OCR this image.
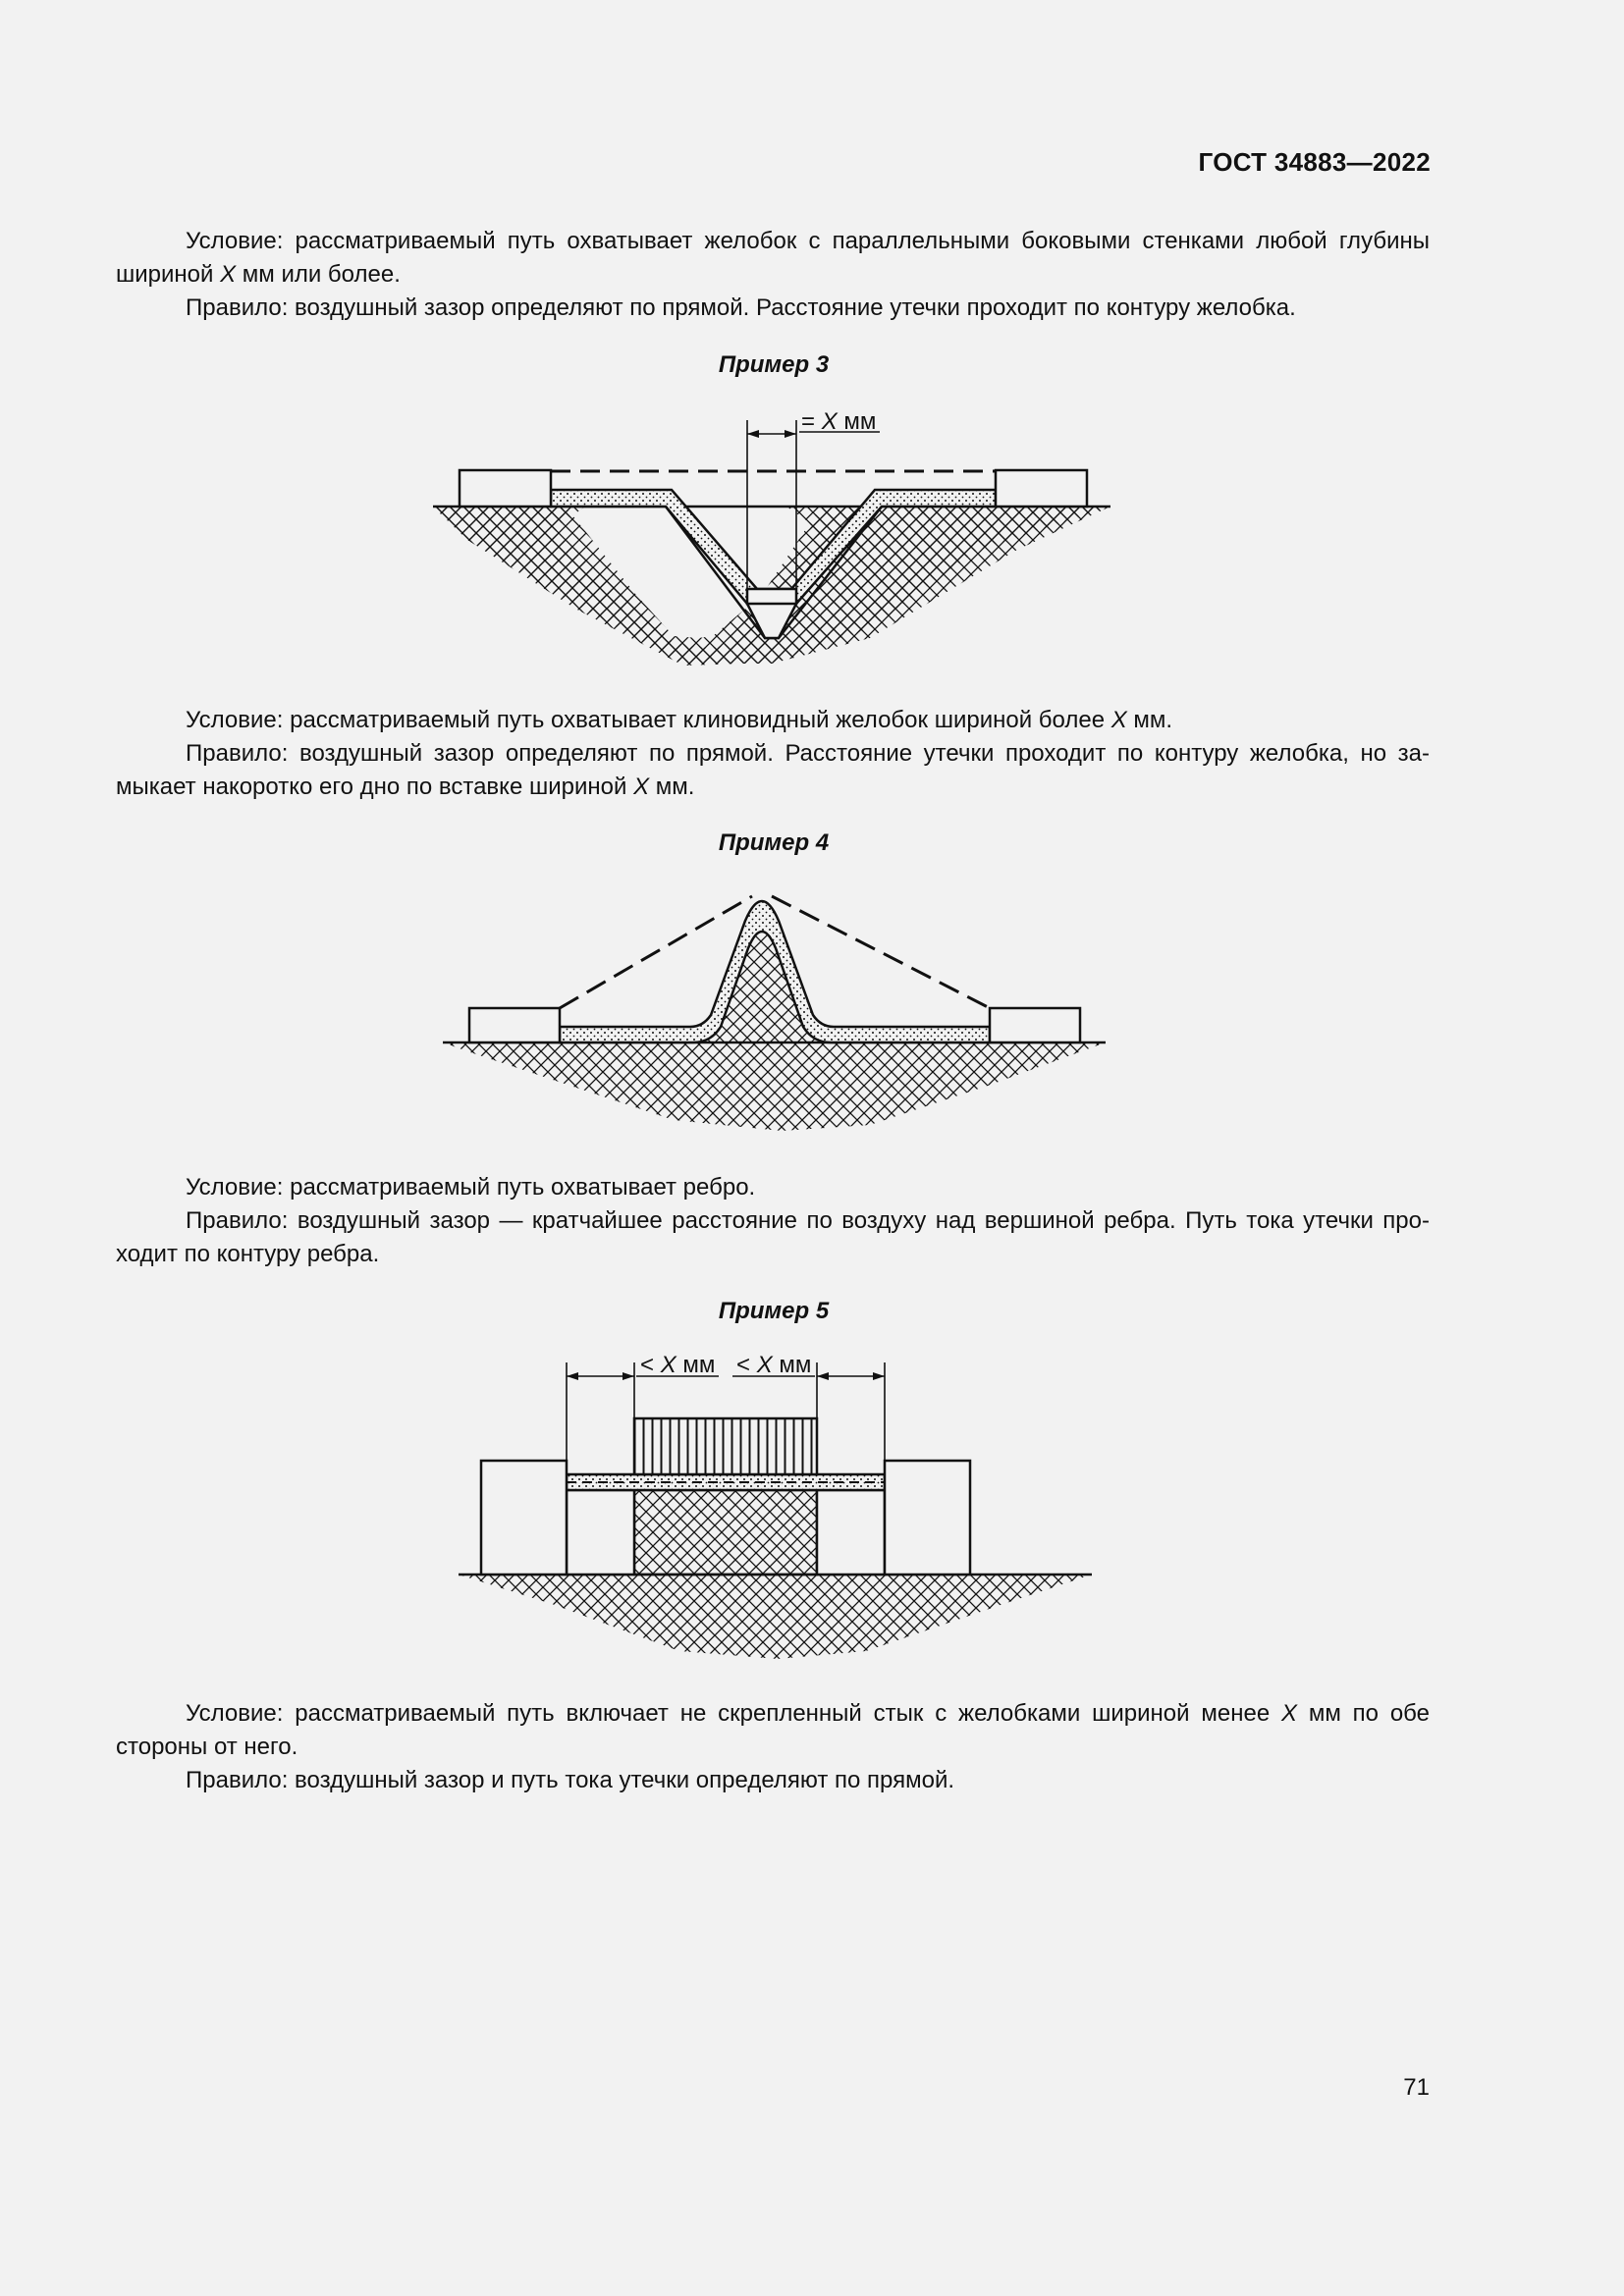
ГОСТ 34883—2022

Условие: рассматриваемый путь охватывает желобок с параллельными боковыми стенками любой глубины шириной X мм или более.

Правило: воздушный зазор определяют по прямой. Расстояние утечки проходит по контуру желобка.

Пример 3
= X мм

Условие: рассматриваемый путь охватывает клиновидный желобок шириной более X мм.

Правило: воздушный зазор определяют по прямой. Расстояние утечки проходит по контуру желобка, но замыкает накоротко его дно по вставке шириной X мм.

Пример 4

Условие: рассматриваемый путь охватывает ребро.

Правило: воздушный зазор — кратчайшее расстояние по воздуху над вершиной ребра. Путь тока утечки проходит по контуру ребра.

Пример 5
< X мм < X мм

Условие: рассматриваемый путь включает не скрепленный стык с желобками шириной менее X мм по обе стороны от него.

Правило: воздушный зазор и путь тока утечки определяют по прямой.

71
